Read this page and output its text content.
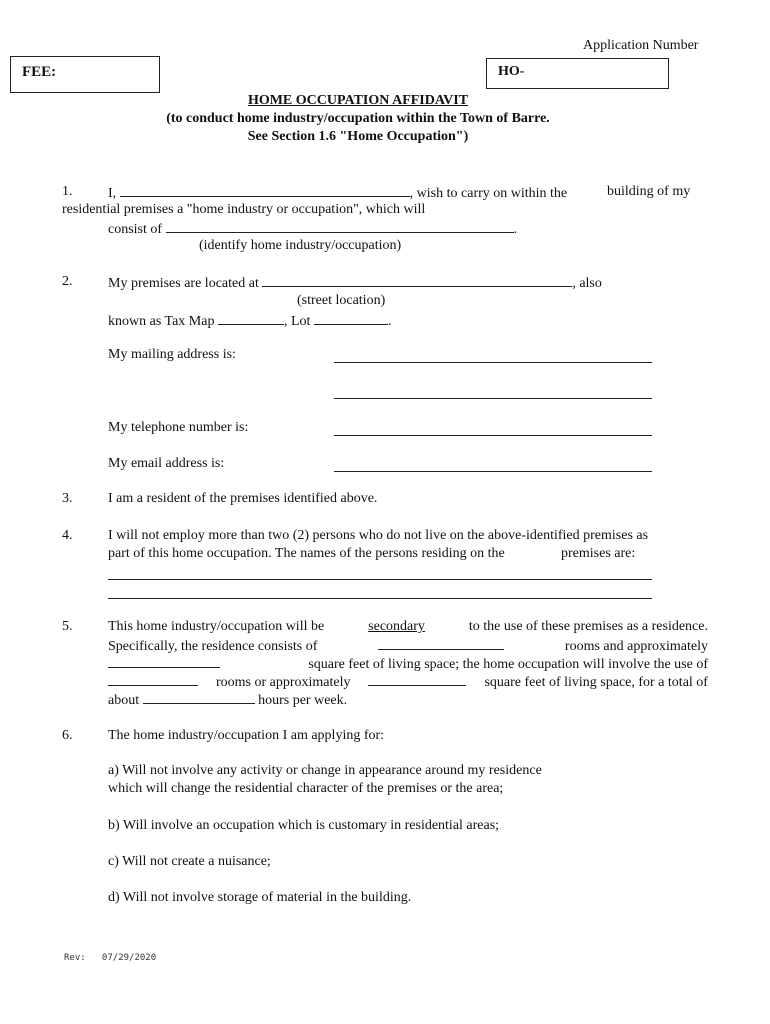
Application Number
FEE:	HO-
HOME OCCUPATION AFFIDAVIT
(to conduct home industry/occupation within the Town of Barre.
See Section 1.6 "Home Occupation")
1.	I,	, wish to carry on within the	building of my
residential premises a "home industry or occupation", which will
consist of	.
(identify home industry/occupation)
2.	My premises are located at	, also
(street location)
known as Tax Map	, Lot	.
My mailing address is:
My telephone number is:
My email address is:
3.	I am a resident of the premises identified above.
4.	I will not employ more than two (2) persons who do not live on the above-identified premises as
part of this home occupation. The names of the persons residing on the	premises are:
5.	This home industry/occupation will be	secondary	to the use of these premises as a residence.
Specifically, the residence consists of	rooms and approximately
square feet of living space; the home occupation will involve the use of
rooms or approximately	square feet of living space, for a total of
about	hours per week.
6.	The home industry/occupation I am applying for:
a) Will not involve any activity or change in appearance around my residence
which will change the residential character of the premises or the area;
b) Will involve an occupation which is customary in residential areas;
c) Will not create a nuisance;
d) Will not involve storage of material in the building.
Rev:   07/29/2020
